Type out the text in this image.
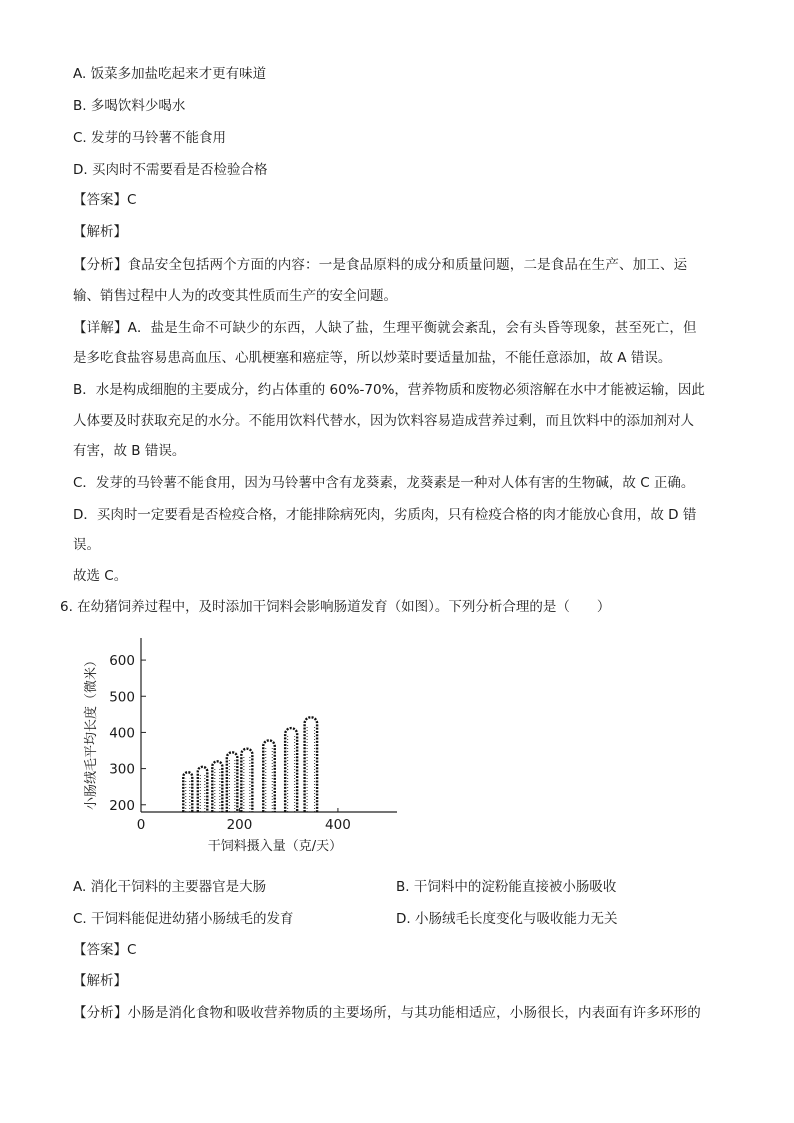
A. 饭菜多加盐吃起来才更有味道
B. 多喝饮料少喝水
C. 发芽的马铃薯不能食用
D. 买肉时不需要看是否检验合格
【答案】C
【解析】
【分析】食品安全包括两个方面的内容：一是食品原料的成分和质量问题，二是食品在生产、加工、运
输、销售过程中人为的改变其性质而生产的安全问题。
【详解】A．盐是生命不可缺少的东西，人缺了盐，生理平衡就会紊乱，会有头昏等现象，甚至死亡，但
是多吃食盐容易患高血压、心肌梗塞和癌症等，所以炒菜时要适量加盐，不能任意添加，故 A 错误。
B．水是构成细胞的主要成分，约占体重的 60%-70%，营养物质和废物必须溶解在水中才能被运输，因此
人体要及时获取充足的水分。不能用饮料代替水，因为饮料容易造成营养过剩，而且饮料中的添加剂对人
有害，故 B 错误。
C．发芽的马铃薯不能食用，因为马铃薯中含有龙葵素，龙葵素是一种对人体有害的生物碱，故 C 正确。
D．买肉时一定要看是否检疫合格，才能排除病死肉，劣质肉，只有检疫合格的肉才能放心食用，故 D 错
误。
故选 C。
6. 在幼猪饲养过程中，及时添加干饲料会影响肠道发育（如图）。下列分析合理的是（　　）
200
300
400
500
600
0	200	400
小肠绒毛平均长度（微米）
干饲料摄入量（克/天）
A. 消化干饲料的主要器官是大肠	B. 干饲料中的淀粉能直接被小肠吸收
C. 干饲料能促进幼猪小肠绒毛的发育	D. 小肠绒毛长度变化与吸收能力无关
【答案】C
【解析】
【分析】小肠是消化食物和吸收营养物质的主要场所，与其功能相适应，小肠很长，内表面有许多环形的
